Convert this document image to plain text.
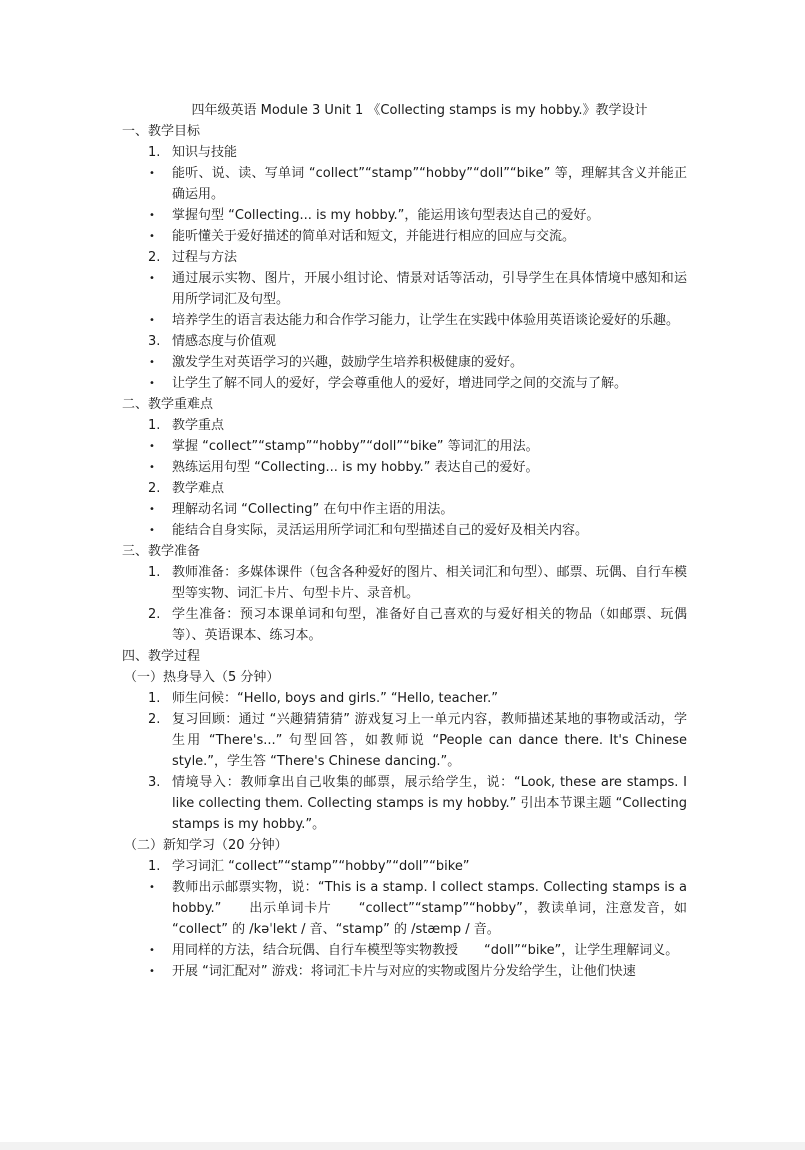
四年级英语 Module 3 Unit 1 《Collecting stamps is my hobby.》教学设计
一、教学目标
1. 知识与技能
• 能听、说、读、写单词 “collect”“stamp”“hobby”“doll”“bike” 等，理解其含义并能正确运用。
• 掌握句型 “Collecting... is my hobby.”，能运用该句型表达自己的爱好。
• 能听懂关于爱好描述的简单对话和短文，并能进行相应的回应与交流。
2. 过程与方法
• 通过展示实物、图片，开展小组讨论、情景对话等活动，引导学生在具体情境中感知和运用所学词汇及句型。
• 培养学生的语言表达能力和合作学习能力，让学生在实践中体验用英语谈论爱好的乐趣。
3. 情感态度与价值观
• 激发学生对英语学习的兴趣，鼓励学生培养积极健康的爱好。
• 让学生了解不同人的爱好，学会尊重他人的爱好，增进同学之间的交流与了解。
二、教学重难点
1. 教学重点
• 掌握 “collect”“stamp”“hobby”“doll”“bike” 等词汇的用法。
• 熟练运用句型 “Collecting... is my hobby.” 表达自己的爱好。
2. 教学难点
• 理解动名词 “Collecting” 在句中作主语的用法。
• 能结合自身实际，灵活运用所学词汇和句型描述自己的爱好及相关内容。
三、教学准备
1. 教师准备：多媒体课件（包含各种爱好的图片、相关词汇和句型）、邮票、玩偶、自行车模型等实物、词汇卡片、句型卡片、录音机。
2. 学生准备：预习本课单词和句型，准备好自己喜欢的与爱好相关的物品（如邮票、玩偶等）、英语课本、练习本。
四、教学过程
（一）热身导入（5 分钟）
1. 师生问候：“Hello, boys and girls.” “Hello, teacher.”
2. 复习回顾：通过 “兴趣猜猜猜” 游戏复习上一单元内容，教师描述某地的事物或活动，学生用 “There's...” 句型回答，如教师说 “People can dance there. It's Chinese style.”，学生答 “There's Chinese dancing.”。
3. 情境导入：教师拿出自己收集的邮票，展示给学生，说：“Look, these are stamps. I like collecting them. Collecting stamps is my hobby.” 引出本节课主题 “Collecting stamps is my hobby.”。
（二）新知学习（20 分钟）
1. 学习词汇 “collect”“stamp”“hobby”“doll”“bike”
• 教师出示邮票实物，说：“This is a stamp. I collect stamps. Collecting stamps is a hobby.”　　出示单词卡片　　“collect”“stamp”“hobby”，教读单词，注意发音，如 “collect” 的 /kəˈlekt / 音、“stamp” 的 /stæmp / 音。
• 用同样的方法，结合玩偶、自行车模型等实物教授　　“doll”“bike”，让学生理解词义。
• 开展 “词汇配对” 游戏：将词汇卡片与对应的实物或图片分发给学生，让他们快速
